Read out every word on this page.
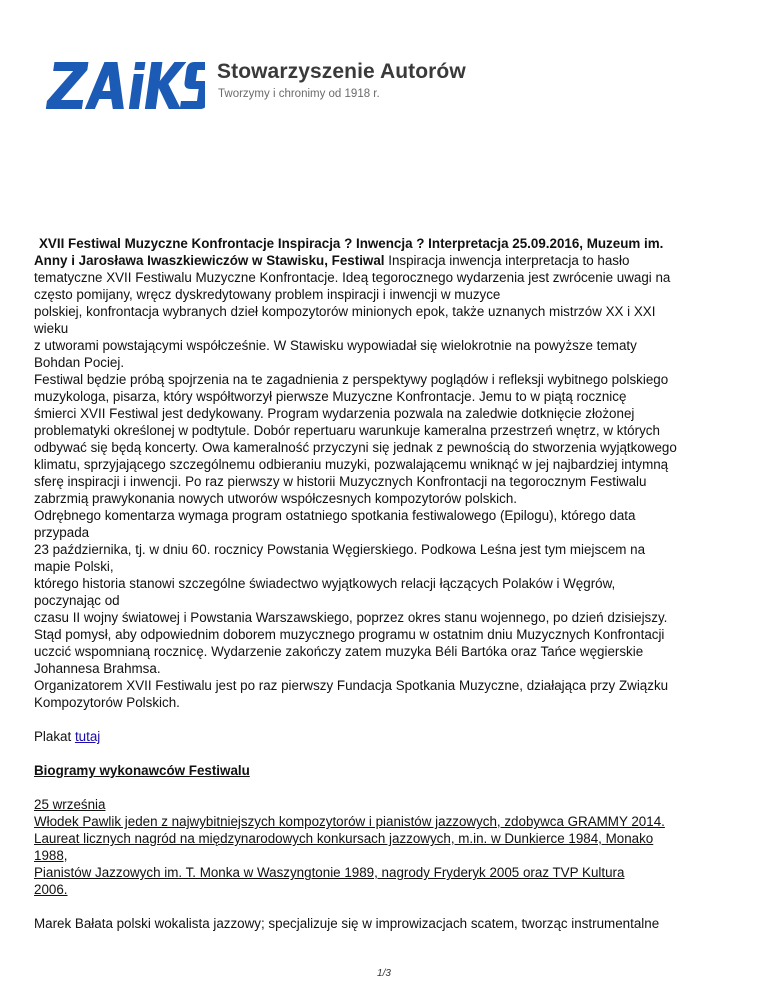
Stowarzyszenie Autorów
Tworzymy i chronimy od 1918 r.
XVII Festiwal Muzyczne Konfrontacje Inspiracja ? Inwencja ? Interpretacja 25.09.2016, Muzeum im.
Anny i Jarosława Iwaszkiewiczów w Stawisku, Festiwal Inspiracja inwencja interpretacja to hasło
tematyczne XVII Festiwalu Muzyczne Konfrontacje. Ideą tegorocznego wydarzenia jest zwrócenie uwagi na
często pomijany, wręcz dyskredytowany problem inspiracji i inwencji w muzyce
polskiej, konfrontacja wybranych dzieł kompozytorów minionych epok, także uznanych mistrzów XX i XXI
wieku
z utworami powstającymi współcześnie. W Stawisku wypowiadał się wielokrotnie na powyższe tematy
Bohdan Pociej.
Festiwal będzie próbą spojrzenia na te zagadnienia z perspektywy poglądów i refleksji wybitnego polskiego
muzykologa, pisarza, który współtworzył pierwsze Muzyczne Konfrontacje. Jemu to w piątą rocznicę
śmierci XVII Festiwal jest dedykowany. Program wydarzenia pozwala na zaledwie dotknięcie złożonej
problematyki określonej w podtytule. Dobór repertuaru warunkuje kameralna przestrzeń wnętrz, w których
odbywać się będą koncerty. Owa kameralność przyczyni się jednak z pewnością do stworzenia wyjątkowego
klimatu, sprzyjającego szczególnemu odbieraniu muzyki, pozwalającemu wniknąć w jej najbardziej intymną
sferę inspiracji i inwencji. Po raz pierwszy w historii Muzycznych Konfrontacji na tegorocznym Festiwalu
zabrzmią prawykonania nowych utworów współczesnych kompozytorów polskich.
Odrębnego komentarza wymaga program ostatniego spotkania festiwalowego (Epilogu), którego data
przypada
23 października, tj. w dniu 60. rocznicy Powstania Węgierskiego. Podkowa Leśna jest tym miejscem na
mapie Polski,
którego historia stanowi szczególne świadectwo wyjątkowych relacji łączących Polaków i Węgrów,
poczynając od
czasu II wojny światowej i Powstania Warszawskiego, poprzez okres stanu wojennego, po dzień dzisiejszy.
Stąd pomysł, aby odpowiednim doborem muzycznego programu w ostatnim dniu Muzycznych Konfrontacji
uczcić wspomnianą rocznicę. Wydarzenie zakończy zatem muzyka Béli Bartóka oraz Tańce węgierskie
Johannesa Brahmsa.
Organizatorem XVII Festiwalu jest po raz pierwszy Fundacja Spotkania Muzyczne, działająca przy Związku
Kompozytorów Polskich.
Plakat tutaj
Biogramy wykonawców Festiwalu
25 września
Włodek Pawlik jeden z najwybitniejszych kompozytorów i pianistów jazzowych, zdobywca GRAMMY 2014.
Laureat licznych nagród na międzynarodowych konkursach jazzowych, m.in. w Dunkierce 1984, Monako
1988,
Pianistów Jazzowych im. T. Monka w Waszyngtonie 1989, nagrody Fryderyk 2005 oraz TVP Kultura
2006.
Marek Bałata polski wokalista jazzowy; specjalizuje się w improwizacjach scatem, tworząc instrumentalne
1/3
